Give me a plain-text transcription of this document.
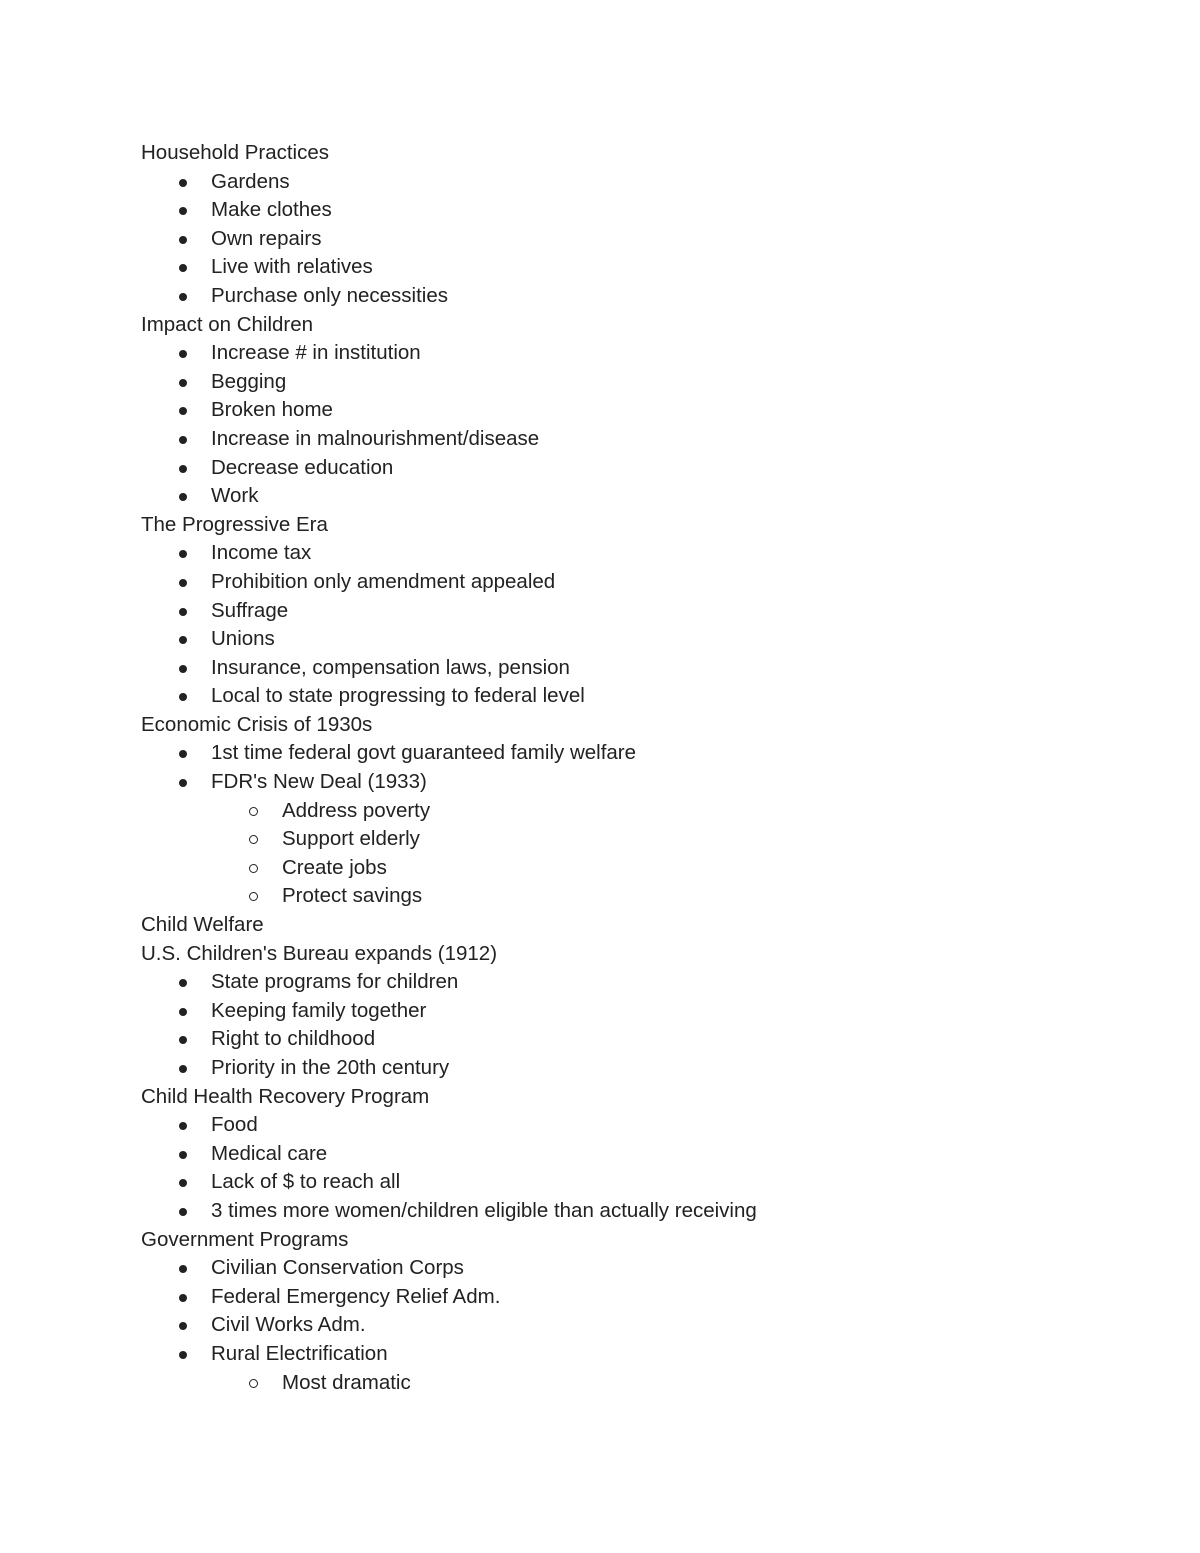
Household Practices
Gardens
Make clothes
Own repairs
Live with relatives
Purchase only necessities
Impact on Children
Increase # in institution
Begging
Broken home
Increase in malnourishment/disease
Decrease education
Work
The Progressive Era
Income tax
Prohibition only amendment appealed
Suffrage
Unions
Insurance, compensation laws, pension
Local to state progressing to federal level
Economic Crisis of 1930s
1st time federal govt guaranteed family welfare
FDR's New Deal (1933)
Address poverty
Support elderly
Create jobs
Protect savings
Child Welfare
U.S. Children's Bureau expands (1912)
State programs for children
Keeping family together
Right to childhood
Priority in the 20th century
Child Health Recovery Program
Food
Medical care
Lack of $ to reach all
3 times more women/children eligible than actually receiving
Government Programs
Civilian Conservation Corps
Federal Emergency Relief Adm.
Civil Works Adm.
Rural Electrification
Most dramatic
